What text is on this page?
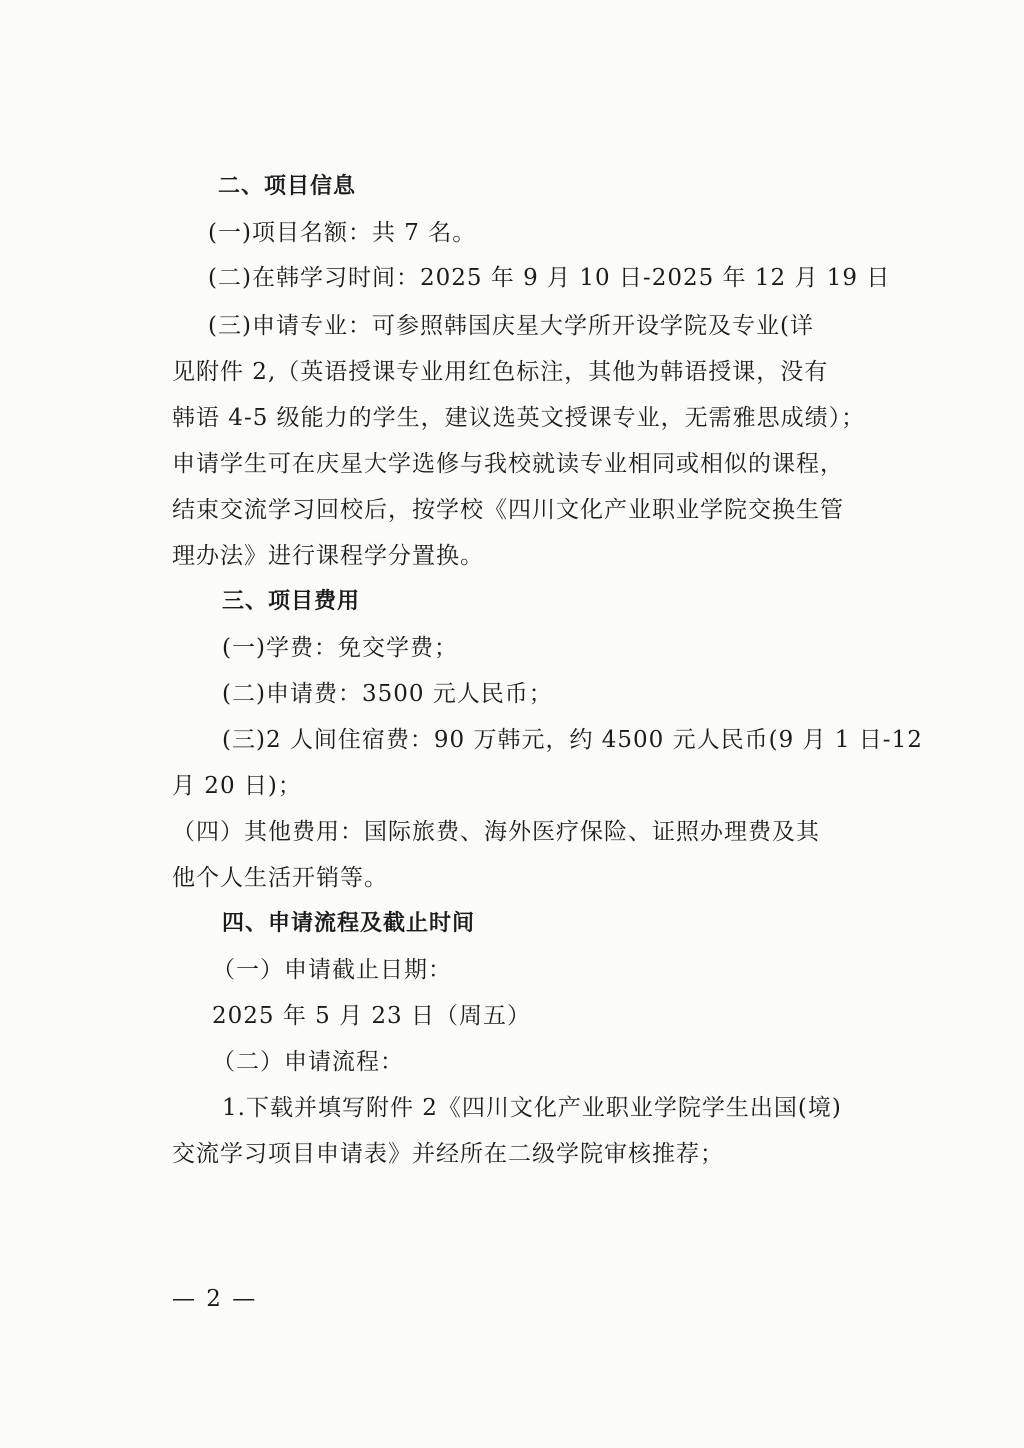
二、项目信息
(一)项目名额：共 7 名。
(二)在韩学习时间：2025 年 9 月 10 日-2025 年 12 月 19 日
(三)申请专业：可参照韩国庆星大学所开设学院及专业(详
见附件 2,（英语授课专业用红色标注，其他为韩语授课，没有
韩语 4-5 级能力的学生，建议选英文授课专业，无需雅思成绩）；
申请学生可在庆星大学选修与我校就读专业相同或相似的课程，
结束交流学习回校后，按学校《四川文化产业职业学院交换生管
理办法》进行课程学分置换。
三、项目费用
(一)学费：免交学费；
(二)申请费：3500 元人民币；
(三)2 人间住宿费：90 万韩元，约 4500 元人民币(9 月 1 日-12
月 20 日)；
（四）其他费用：国际旅费、海外医疗保险、证照办理费及其
他个人生活开销等。
四、申请流程及截止时间
（一）申请截止日期：
2025 年 5 月 23 日（周五）
（二）申请流程：
1.下载并填写附件 2《四川文化产业职业学院学生出国(境)
交流学习项目申请表》并经所在二级学院审核推荐；
— 2 —
